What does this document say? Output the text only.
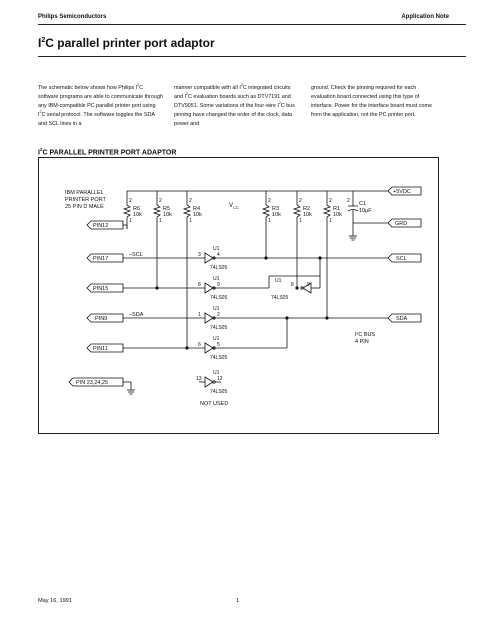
Philips Semiconductors	Application Note
$I^2C$ parallel printer port adaptor
The schematic below shows how Philips $I^2C$ software programs are able to communicate through any IBM-compatible PC parallel printer port using $I^2C$ serial protocol. The software toggles the SDA and SCL lines in a
manner compatible with all $I^2C$ integrated circuits and $I^2C$ evaluation boards such as DTV7191 and DTV9051. Some variations of the four-wire $I^2C$ bus pinning have changed the order of the clock, data power and
ground. Check the pinning required for each evaluation board connected using this type of interface. Power for the interface board must come from the application, not the PC printer port.
$I^2C$ PARALLEL PRINTER PORT ADAPTOR
IBM PARALLEL
PRINTER PORT
25 PIN D MALE	V CC
2
R6
10k
1
2
R5
10k
1
2
R4
10k
1
2
R3
10k
1
2
R2
10k
1
2
R1
10k
1
2 C1
10µF
+5VDC
GRD
SCL
SDA
PIN12
PIN17
PIN15
PIN9
PIN11
PIN 23,24,25
–SCL
–SDA
U1
3	4
74LS05
U1
8	9
74LS05
U1
8	9
74LS05
U1
1	2
74LS05
U1
6	5
74LS05
U1
13	12
74LS05
NOT USED
I²C BUS
4 PIN
May 16, 1991	1
